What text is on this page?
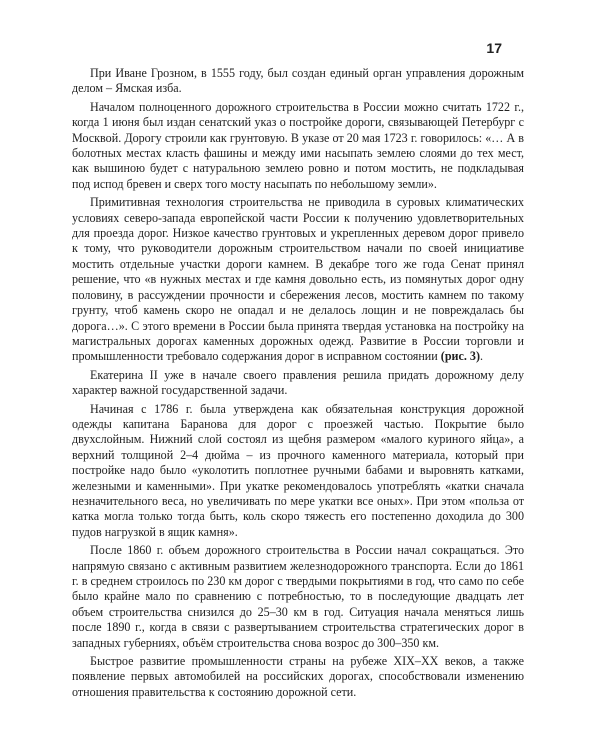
17

При Иване Грозном, в 1555 году, был создан единый орган управления дорожным делом – Ямская изба.

Началом полноценного дорожного строительства в России можно считать 1722 г., когда 1 июня был издан сенатский указ о постройке дороги, связывающей Петербург с Москвой. Дорогу строили как грунтовую. В указе от 20 мая 1723 г. говорилось: «… А в болотных местах класть фашины и между ими насыпать землею слоями до тех мест, как вышиною будет с натуральною землею ровно и потом мостить, не подкладывая под испод бревен и сверх того мосту насыпать по небольшому земли».

Примитивная технология строительства не приводила в суровых климатических условиях северо-запада европейской части России к получению удовлетворительных для проезда дорог. Низкое качество грунтовых и укрепленных деревом дорог привело к тому, что руководители дорожным строительством начали по своей инициативе мостить отдельные участки дороги камнем. В декабре того же года Сенат принял решение, что «в нужных местах и где камня довольно есть, из помянутых дорог одну половину, в рассуждении прочности и сбережения лесов, мостить камнем по такому грунту, чтоб камень скоро не опадал и не делалось лощин и не повреждалась бы дорога…». С этого времени в России была принята твердая установка на постройку на магистральных дорогах каменных дорожных одежд. Развитие в России торговли и промышленности требовало содержания дорог в исправном состоянии (рис. 3).

Екатерина II уже в начале своего правления решила придать дорожному делу характер важной государственной задачи.

Начиная с 1786 г. была утверждена как обязательная конструкция дорожной одежды капитана Баранова для дорог с проезжей частью. Покрытие было двухслойным. Нижний слой состоял из щебня размером «малого куриного яйца», а верхний толщиной 2–4 дюйма – из прочного каменного материала, который при постройке надо было «уколотить поплотнее ручными бабами и выровнять катками, железными и каменными». При укатке рекомендовалось употреблять «катки сначала незначительного веса, но увеличивать по мере укатки все оных». При этом «польза от катка могла только тогда быть, коль скоро тяжесть его постепенно доходила до 300 пудов нагрузкой в ящик камня».

После 1860 г. объем дорожного строительства в России начал сокращаться. Это напрямую связано с активным развитием железнодорожного транспорта. Если до 1861 г. в среднем строилось по 230 км дорог с твердыми покрытиями в год, что само по себе было крайне мало по сравнению с потребностью, то в последующие двадцать лет объем строительства снизился до 25–30 км в год. Ситуация начала меняться лишь после 1890 г., когда в связи с развертыванием строительства стратегических дорог в западных губерниях, объём строительства снова возрос до 300–350 км.

Быстрое развитие промышленности страны на рубеже XIX–XX веков, а также появление первых автомобилей на российских дорогах, способствовали изменению отношения правительства к состоянию дорожной сети.
